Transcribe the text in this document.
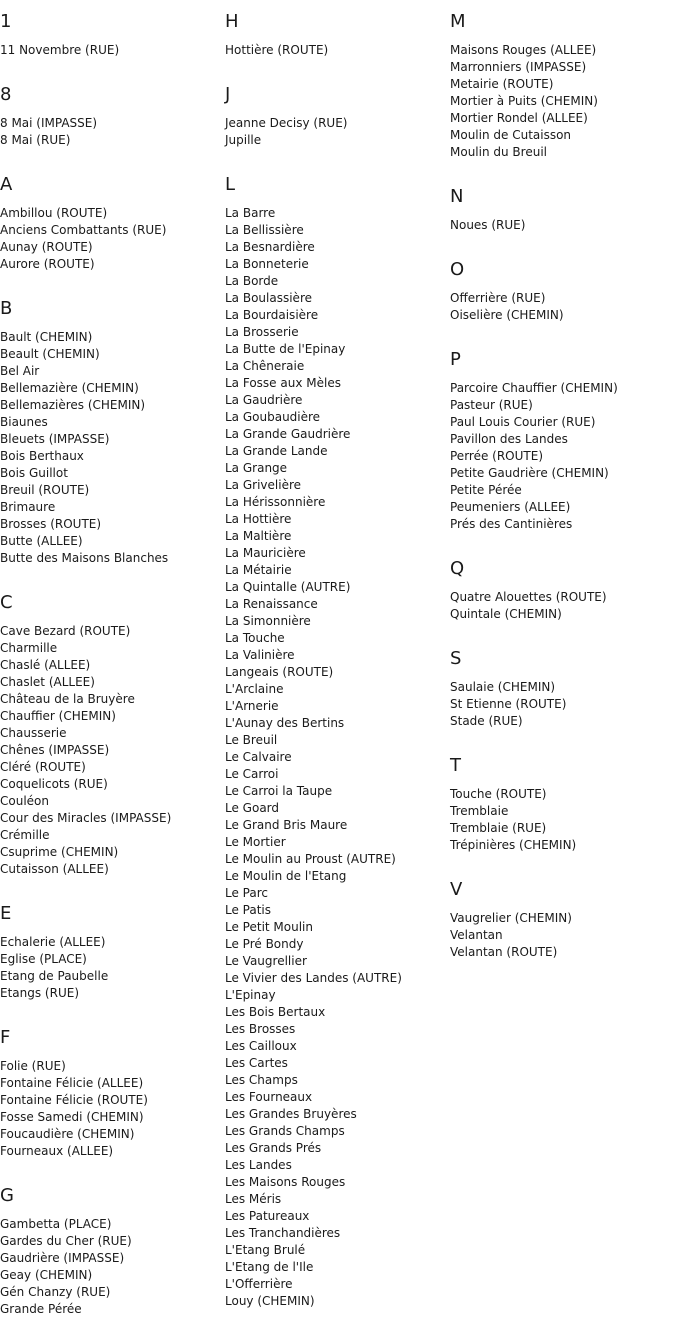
1
11 Novembre (RUE)
8
8 Mai (IMPASSE)
8 Mai (RUE)
A
Ambillou (ROUTE)
Anciens Combattants (RUE)
Aunay (ROUTE)
Aurore (ROUTE)
B
Bault (CHEMIN)
Beault (CHEMIN)
Bel Air
Bellemazière (CHEMIN)
Bellemazières (CHEMIN)
Biaunes
Bleuets (IMPASSE)
Bois Berthaux
Bois Guillot
Breuil (ROUTE)
Brimaure
Brosses (ROUTE)
Butte (ALLEE)
Butte des Maisons Blanches
C
Cave Bezard (ROUTE)
Charmille
Chaslé (ALLEE)
Chaslet (ALLEE)
Château de la Bruyère
Chauffier (CHEMIN)
Chausserie
Chênes (IMPASSE)
Cléré (ROUTE)
Coquelicots (RUE)
Couléon
Cour des Miracles (IMPASSE)
Crémille
Csuprime (CHEMIN)
Cutaisson (ALLEE)
E
Echalerie (ALLEE)
Eglise (PLACE)
Etang de Paubelle
Etangs (RUE)
F
Folie (RUE)
Fontaine Félicie (ALLEE)
Fontaine Félicie (ROUTE)
Fosse Samedi (CHEMIN)
Foucaudière (CHEMIN)
Fourneaux (ALLEE)
G
Gambetta (PLACE)
Gardes du Cher (RUE)
Gaudrière (IMPASSE)
Geay (CHEMIN)
Gén Chanzy (RUE)
Grande Pérée
H
Hottière (ROUTE)
J
Jeanne Decisy (RUE)
Jupille
L
La Barre
La Bellissière
La Besnardière
La Bonneterie
La Borde
La Boulassière
La Bourdaisière
La Brosserie
La Butte de l'Epinay
La Chêneraie
La Fosse aux Mèles
La Gaudrière
La Goubaudière
La Grande Gaudrière
La Grande Lande
La Grange
La Grivelière
La Hérissonnière
La Hottière
La Maltière
La Mauricière
La Métairie
La Quintalle (AUTRE)
La Renaissance
La Simonnière
La Touche
La Valinière
Langeais (ROUTE)
L'Arclaine
L'Arnerie
L'Aunay des Bertins
Le Breuil
Le Calvaire
Le Carroi
Le Carroi la Taupe
Le Goard
Le Grand Bris Maure
Le Mortier
Le Moulin au Proust (AUTRE)
Le Moulin de l'Etang
Le Parc
Le Patis
Le Petit Moulin
Le Pré Bondy
Le Vaugrellier
Le Vivier des Landes (AUTRE)
L'Epinay
Les Bois Bertaux
Les Brosses
Les Cailloux
Les Cartes
Les Champs
Les Fourneaux
Les Grandes Bruyères
Les Grands Champs
Les Grands Prés
Les Landes
Les Maisons Rouges
Les Méris
Les Patureaux
Les Tranchandières
L'Etang Brulé
L'Etang de l'Ile
L'Offerrière
Louy (CHEMIN)
M
Maisons Rouges (ALLEE)
Marronniers (IMPASSE)
Metairie (ROUTE)
Mortier à Puits (CHEMIN)
Mortier Rondel (ALLEE)
Moulin de Cutaisson
Moulin du Breuil
N
Noues (RUE)
O
Offerrière (RUE)
Oiselière (CHEMIN)
P
Parcoire Chauffier (CHEMIN)
Pasteur (RUE)
Paul Louis Courier (RUE)
Pavillon des Landes
Perrée (ROUTE)
Petite Gaudrière (CHEMIN)
Petite Pérée
Peumeniers (ALLEE)
Prés des Cantinières
Q
Quatre Alouettes (ROUTE)
Quintale (CHEMIN)
S
Saulaie (CHEMIN)
St Etienne (ROUTE)
Stade (RUE)
T
Touche (ROUTE)
Tremblaie
Tremblaie (RUE)
Trépinières (CHEMIN)
V
Vaugrelier (CHEMIN)
Velantan
Velantan (ROUTE)
